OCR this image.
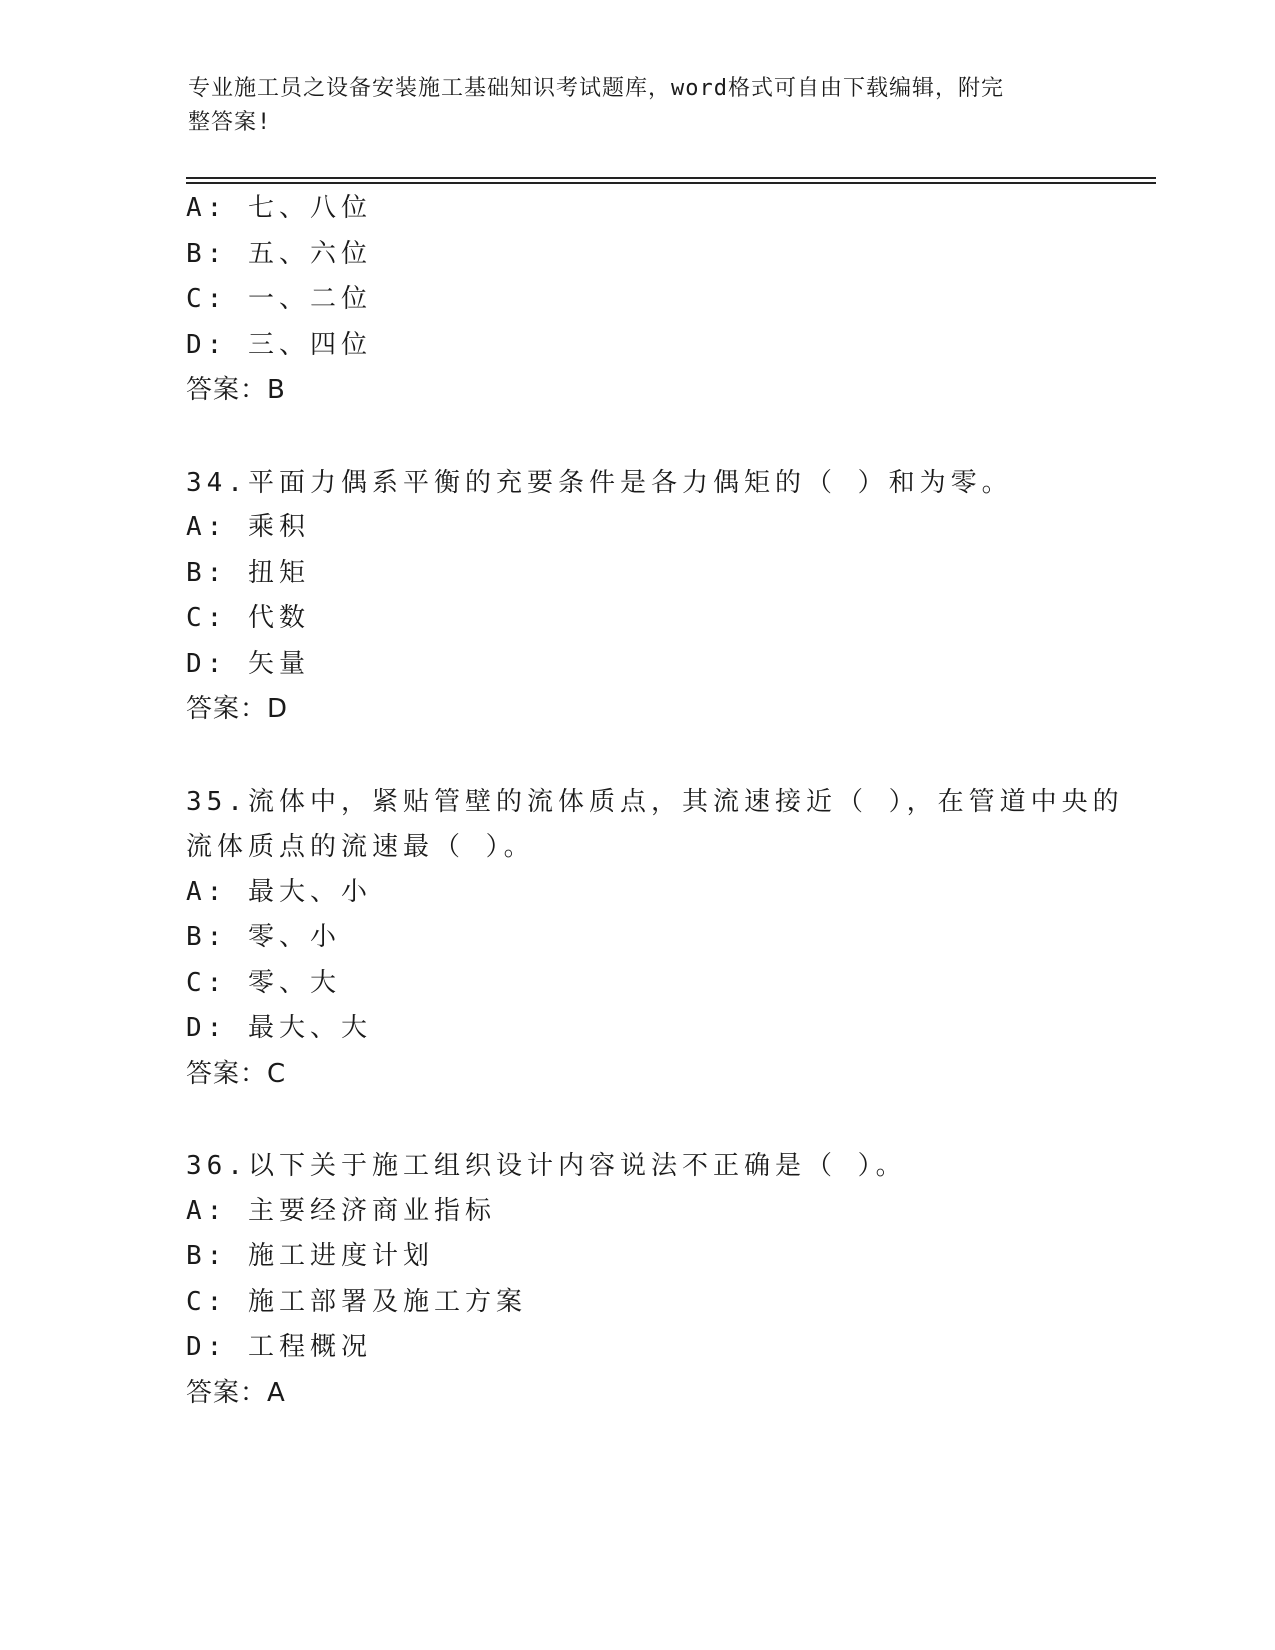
专业施工员之设备安装施工基础知识考试题库，word格式可自由下载编辑，附完
整答案!
A: 七、八位
B: 五、六位
C: 一、二位
D: 三、四位
答案：B
34.平面力偶系平衡的充要条件是各力偶矩的（ ）和为零。
A: 乘积
B: 扭矩
C: 代数
D: 矢量
答案：D
35.流体中，紧贴管壁的流体质点，其流速接近（ ），在管道中央的
流体质点的流速最（ ）。
A: 最大、小
B: 零、小
C: 零、大
D: 最大、大
答案：C
36.以下关于施工组织设计内容说法不正确是（ ）。
A: 主要经济商业指标
B: 施工进度计划
C: 施工部署及施工方案
D: 工程概况
答案：A
